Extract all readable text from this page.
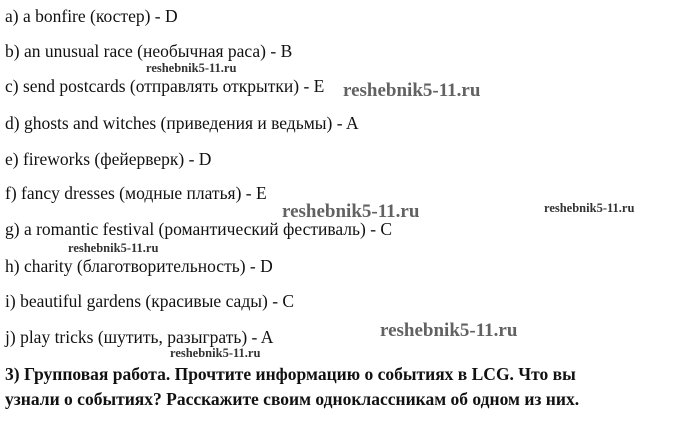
a) a bonfire (костер) - D
b) an unusual race (необычная раса) - B
c) send postcards (отправлять открытки) - E
d) ghosts and witches (приведения и ведьмы) - A
e) fireworks (фейерверк) - D
f) fancy dresses (модные платья) - E
g) a romantic festival (романтический фестиваль) - C
h) charity (благотворительность) - D
i) beautiful gardens (красивые сады) - C
j) play tricks (шутить, разыграть) - A
3) Групповая работа. Прочтите информацию о событиях в LCG. Что вы
узнали о событиях? Расскажите своим одноклассникам об одном из них.
reshebnik5-11.ru
reshebnik5-11.ru
reshebnik5-11.ru	reshebnik5-11.ru
reshebnik5-11.ru
reshebnik5-11.ru
reshebnik5-11.ru
